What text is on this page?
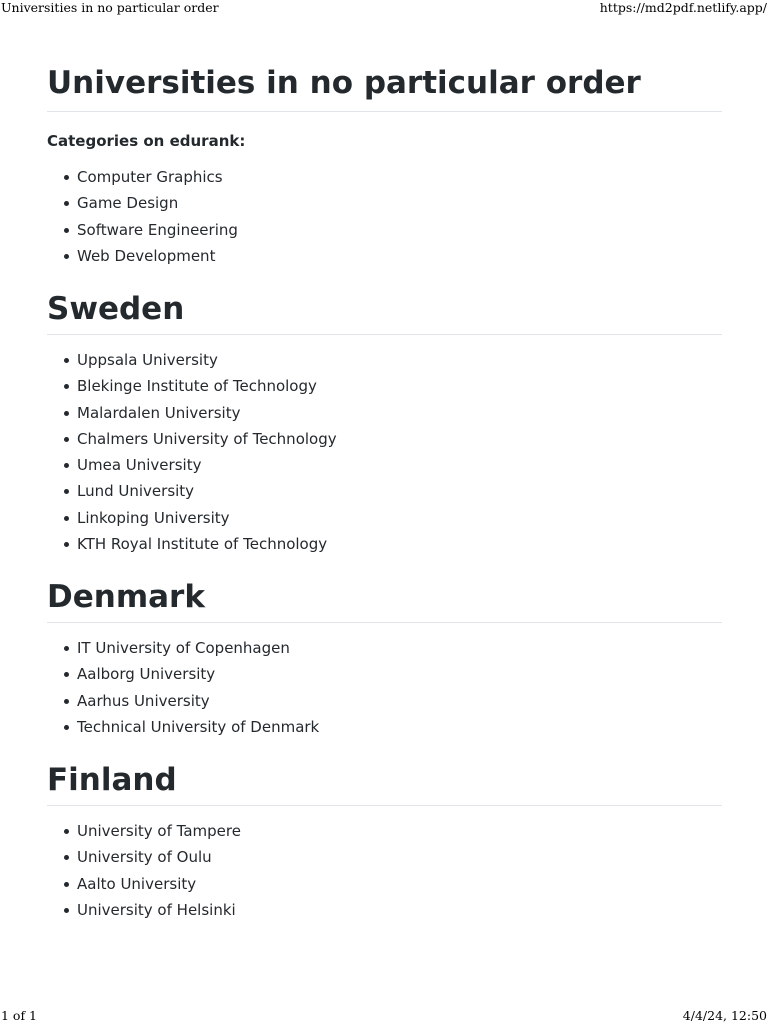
Universities in no particular order	https://md2pdf.netlify.app/
Universities in no particular order

Categories on edurank:

Computer Graphics
Game Design
Software Engineering
Web Development
Sweden
Uppsala University
Blekinge Institute of Technology
Malardalen University
Chalmers University of Technology
Umea University
Lund University
Linkoping University
KTH Royal Institute of Technology
Denmark
IT University of Copenhagen
Aalborg University
Aarhus University
Technical University of Denmark
Finland
University of Tampere
University of Oulu
Aalto University
University of Helsinki
1 of 1	4/4/24, 12:50
